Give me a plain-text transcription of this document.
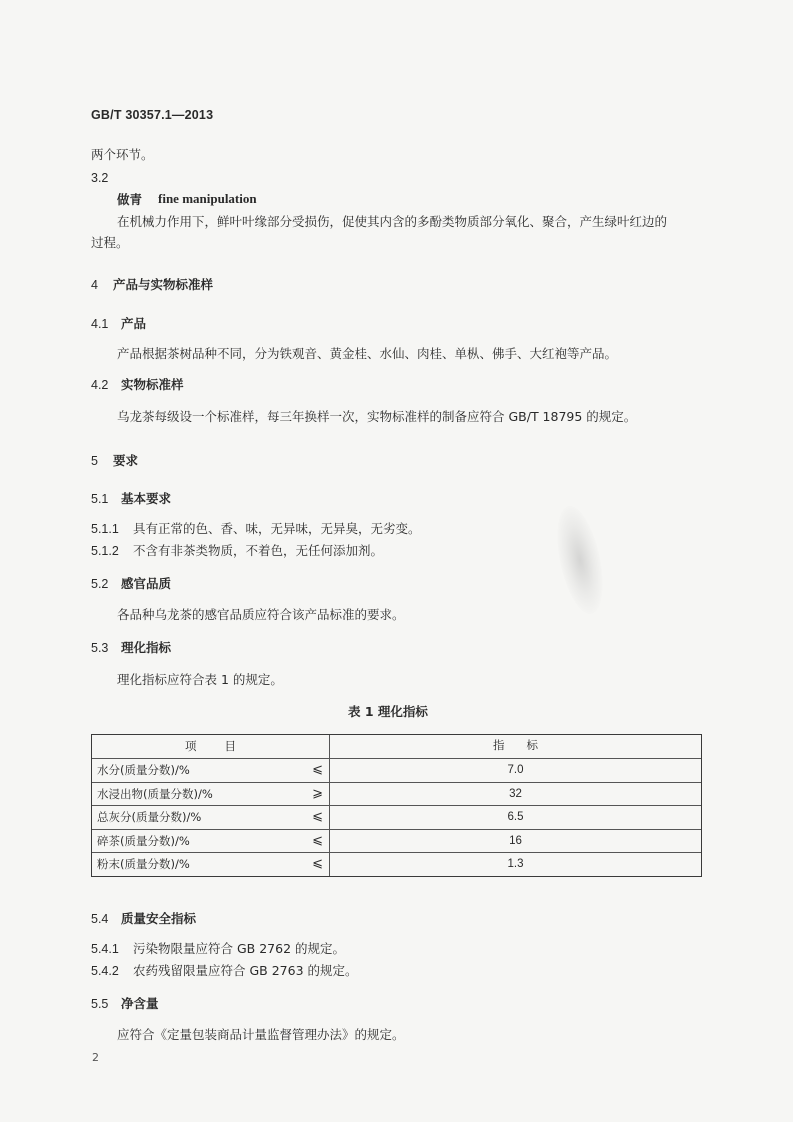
GB/T 30357.1—2013
两个环节。
3.2
做青 fine manipulation
在机械力作用下，鲜叶叶缘部分受损伤，促使其内含的多酚类物质部分氧化、聚合，产生绿叶红边的
过程。
4 产品与实物标准样
4.1 产品
产品根据茶树品种不同，分为铁观音、黄金桂、水仙、肉桂、单枞、佛手、大红袍等产品。
4.2 实物标准样
乌龙茶每级设一个标准样，每三年换样一次，实物标准样的制备应符合 GB/T 18795 的规定。
5 要求
5.1 基本要求
5.1.1 具有正常的色、香、味，无异味，无异臭，无劣变。
5.1.2 不含有非茶类物质，不着色，无任何添加剂。
5.2 感官品质
各品种乌龙茶的感官品质应符合该产品标准的要求。
5.3 理化指标
理化指标应符合表 1 的规定。
表 1 理化指标
项目	指标
水分(质量分数)/%	⩽	7.0
水浸出物(质量分数)/%	⩾	32
总灰分(质量分数)/%	⩽	6.5
碎茶(质量分数)/%	⩽	16
粉末(质量分数)/%	⩽	1.3
5.4 质量安全指标
5.4.1 污染物限量应符合 GB 2762 的规定。
5.4.2 农药残留限量应符合 GB 2763 的规定。
5.5 净含量
应符合《定量包装商品计量监督管理办法》的规定。
2
